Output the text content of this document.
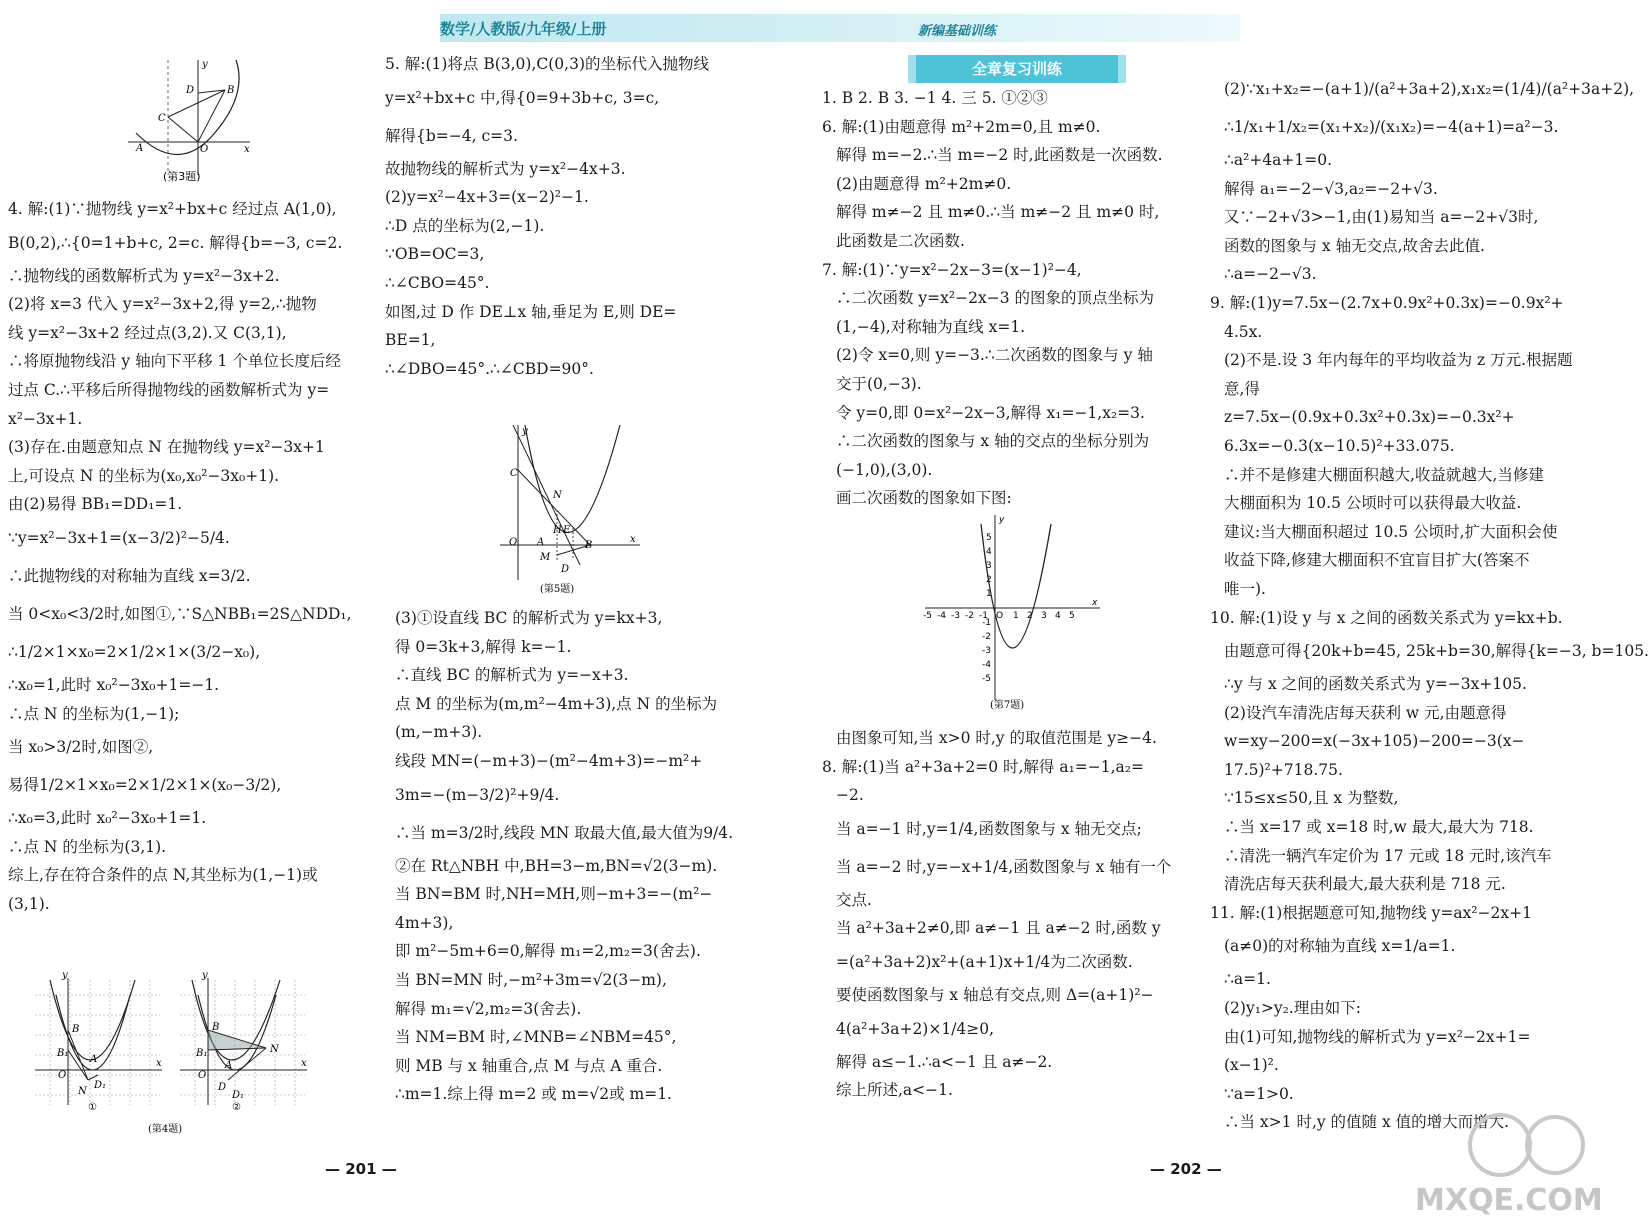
数学/人教版/九年级/上册	新编基础训练
y
D	B
C
A	O	x
(第3题)

4. 解:(1)∵抛物线 y=x²+bx+c 经过点 A(1,0),

B(0,2),∴{0=1+b+c, 2=c. 解得{b=−3, c=2.

∴抛物线的函数解析式为 y=x²−3x+2.

(2)将 x=3 代入 y=x²−3x+2,得 y=2,∴抛物

线 y=x²−3x+2 经过点(3,2).又 C(3,1),

∴将原抛物线沿 y 轴向下平移 1 个单位长度后经

过点 C.∴平移后所得抛物线的函数解析式为 y=

x²−3x+1.

(3)存在.由题意知点 N 在抛物线 y=x²−3x+1

上,可设点 N 的坐标为(x₀,x₀²−3x₀+1).

由(2)易得 BB₁=DD₁=1.

∵y=x²−3x+1=(x−3/2)²−5/4.

∴此抛物线的对称轴为直线 x=3/2.

当 0<x₀<3/2时,如图①,∵S△NBB₁=2S△NDD₁,

∴1/2×1×x₀=2×1/2×1×(3/2−x₀),

∴x₀=1,此时 x₀²−3x₀+1=−1.

∴点 N 的坐标为(1,−1);

当 x₀>3/2时,如图②,

易得1/2×1×x₀=2×1/2×1×(x₀−3/2),

∴x₀=3,此时 x₀²−3x₀+1=1.

∴点 N 的坐标为(3,1).

综上,存在符合条件的点 N,其坐标为(1,−1)或

(3,1).

y
B
B₁
A
O
N
D₁
x
①
y
B
B₁	N
O
A
D
D₁
x
②
(第4题)

5. 解:(1)将点 B(3,0),C(0,3)的坐标代入抛物线

y=x²+bx+c 中,得{0=9+3b+c, 3=c,

解得{b=−4, c=3.

故抛物线的解析式为 y=x²−4x+3.

(2)y=x²−4x+3=(x−2)²−1.

∴D 点的坐标为(2,−1).

∵OB=OC=3,

∴∠CBO=45°.

如图,过 D 作 DE⊥x 轴,垂足为 E,则 DE=

BE=1,

∴∠DBO=45°.∴∠CBD=90°.

y
C
N
H E
O A
M
B
D
x
(第5题)

(3)①设直线 BC 的解析式为 y=kx+3,

得 0=3k+3,解得 k=−1.

∴直线 BC 的解析式为 y=−x+3.

点 M 的坐标为(m,m²−4m+3),点 N 的坐标为

(m,−m+3).

线段 MN=(−m+3)−(m²−4m+3)=−m²+

3m=−(m−3/2)²+9/4.

∴当 m=3/2时,线段 MN 取最大值,最大值为9/4.

②在 Rt△NBH 中,BH=3−m,BN=√2(3−m).

当 BN=BM 时,NH=MH,则−m+3=−(m²−

4m+3),

即 m²−5m+6=0,解得 m₁=2,m₂=3(舍去).

当 BN=MN 时,−m²+3m=√2(3−m),

解得 m₁=√2,m₂=3(舍去).

当 NM=BM 时,∠MNB=∠NBM=45°,

则 MB 与 x 轴重合,点 M 与点 A 重合.

∴m=1.综上得 m=2 或 m=√2或 m=1.

全章复习训练

1. B 2. B 3. −1 4. 三 5. ①②③

6. 解:(1)由题意得 m²+2m=0,且 m≠0.

解得 m=−2.∴当 m=−2 时,此函数是一次函数.

(2)由题意得 m²+2m≠0.

解得 m≠−2 且 m≠0.∴当 m≠−2 且 m≠0 时,

此函数是二次函数.

7. 解:(1)∵y=x²−2x−3=(x−1)²−4,

∴二次函数 y=x²−2x−3 的图象的顶点坐标为

(1,−4),对称轴为直线 x=1.

(2)令 x=0,则 y=−3.∴二次函数的图象与 y 轴

交于(0,−3).

令 y=0,即 0=x²−2x−3,解得 x₁=−1,x₂=3.

∴二次函数的图象与 x 轴的交点的坐标分别为

(−1,0),(3,0).

画二次函数的图象如下图:

-5 -4 -3 -2 -1 O 1 2 3 4 5
5
4
3
2
1
-1
-2
-3
-4
-5
x
y
(第7题)

由图象可知,当 x>0 时,y 的取值范围是 y≥−4.

8. 解:(1)当 a²+3a+2=0 时,解得 a₁=−1,a₂=

−2.

当 a=−1 时,y=1/4,函数图象与 x 轴无交点;

当 a=−2 时,y=−x+1/4,函数图象与 x 轴有一个

交点.

当 a²+3a+2≠0,即 a≠−1 且 a≠−2 时,函数 y

=(a²+3a+2)x²+(a+1)x+1/4为二次函数.

要使函数图象与 x 轴总有交点,则 Δ=(a+1)²−

4(a²+3a+2)×1/4≥0,

解得 a≤−1.∴a<−1 且 a≠−2.

综上所述,a<−1.

(2)∵x₁+x₂=−(a+1)/(a²+3a+2),x₁x₂=(1/4)/(a²+3a+2),

∴1/x₁+1/x₂=(x₁+x₂)/(x₁x₂)=−4(a+1)=a²−3.

∴a²+4a+1=0.

解得 a₁=−2−√3,a₂=−2+√3.

又∵−2+√3>−1,由(1)易知当 a=−2+√3时,

函数的图象与 x 轴无交点,故舍去此值.

∴a=−2−√3.

9. 解:(1)y=7.5x−(2.7x+0.9x²+0.3x)=−0.9x²+

4.5x.

(2)不是.设 3 年内每年的平均收益为 z 万元.根据题

意,得

z=7.5x−(0.9x+0.3x²+0.3x)=−0.3x²+

6.3x=−0.3(x−10.5)²+33.075.

∴并不是修建大棚面积越大,收益就越大,当修建

大棚面积为 10.5 公顷时可以获得最大收益.

建议:当大棚面积超过 10.5 公顷时,扩大面积会使

收益下降,修建大棚面积不宜盲目扩大(答案不

唯一).

10. 解:(1)设 y 与 x 之间的函数关系式为 y=kx+b.

由题意可得{20k+b=45, 25k+b=30,解得{k=−3, b=105.

∴y 与 x 之间的函数关系式为 y=−3x+105.

(2)设汽车清洗店每天获利 w 元,由题意得

w=xy−200=x(−3x+105)−200=−3(x−

17.5)²+718.75.

∵15≤x≤50,且 x 为整数,

∴当 x=17 或 x=18 时,w 最大,最大为 718.

∴清洗一辆汽车定价为 17 元或 18 元时,该汽车

清洗店每天获利最大,最大获利是 718 元.

11. 解:(1)根据题意可知,抛物线 y=ax²−2x+1

(a≠0)的对称轴为直线 x=1/a=1.

∴a=1.

(2)y₁>y₂.理由如下:

由(1)可知,抛物线的解析式为 y=x²−2x+1=

(x−1)².

∵a=1>0.

∴当 x>1 时,y 的值随 x 值的增大而增大.

— 201 —	— 202 —
MXQE.COM
